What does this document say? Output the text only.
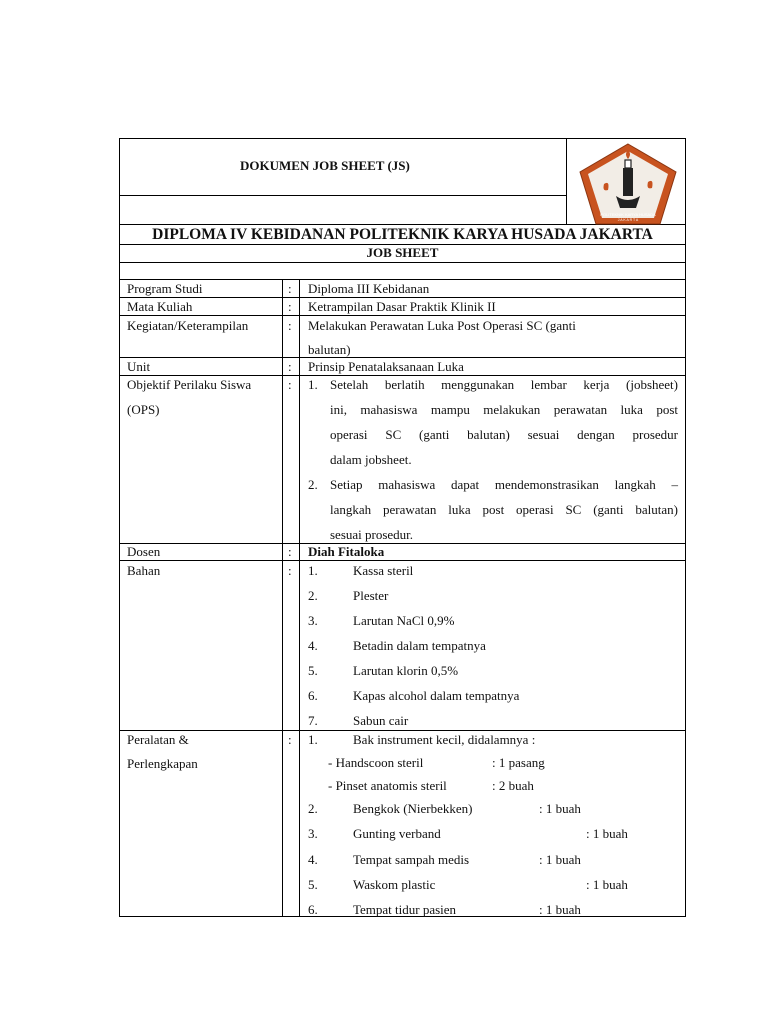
DOKUMEN JOB SHEET (JS)
DIPLOMA IV KEBIDANAN POLITEKNIK KARYA HUSADA JAKARTA
JOB SHEET
POLITEKNIK KARYA HUSADA
J A K A R T A
Program Studi	: Diploma III Kebidanan
Mata Kuliah	: Ketrampilan Dasar Praktik Klinik II
Kegiatan/Keterampilan	: Melakukan Perawatan Luka Post Operasi SC (ganti
balutan)
Unit	: Prinsip Penatalaksanaan Luka
Objektif Perilaku Siswa
(OPS)
: 1. Setelah berlatih menggunakan lembar kerja (jobsheet)
ini, mahasiswa mampu melakukan perawatan luka post
operasi SC (ganti balutan) sesuai dengan prosedur
dalam jobsheet.
2. Setiap mahasiswa dapat mendemonstrasikan langkah –
langkah perawatan luka post operasi SC (ganti balutan)
sesuai prosedur.
Dosen	: Diah Fitaloka
Bahan	: 1.	Kassa steril
2.	Plester
3.	Larutan NaCl 0,9%
4.	Betadin dalam tempatnya
5.	Larutan klorin 0,5%
6.	Kapas alcohol dalam tempatnya
7.	Sabun cair
Peralatan &
Perlengkapan
: 1.	Bak instrument kecil, didalamnya :
- Handscoon steril	: 1 pasang
- Pinset anatomis steril	: 2 buah
2.	Bengkok (Nierbekken)	: 1 buah
3.	Gunting verband	: 1 buah
4.	Tempat sampah medis	: 1 buah
5.	Waskom plastic	: 1 buah
6.	Tempat tidur pasien	: 1 buah
